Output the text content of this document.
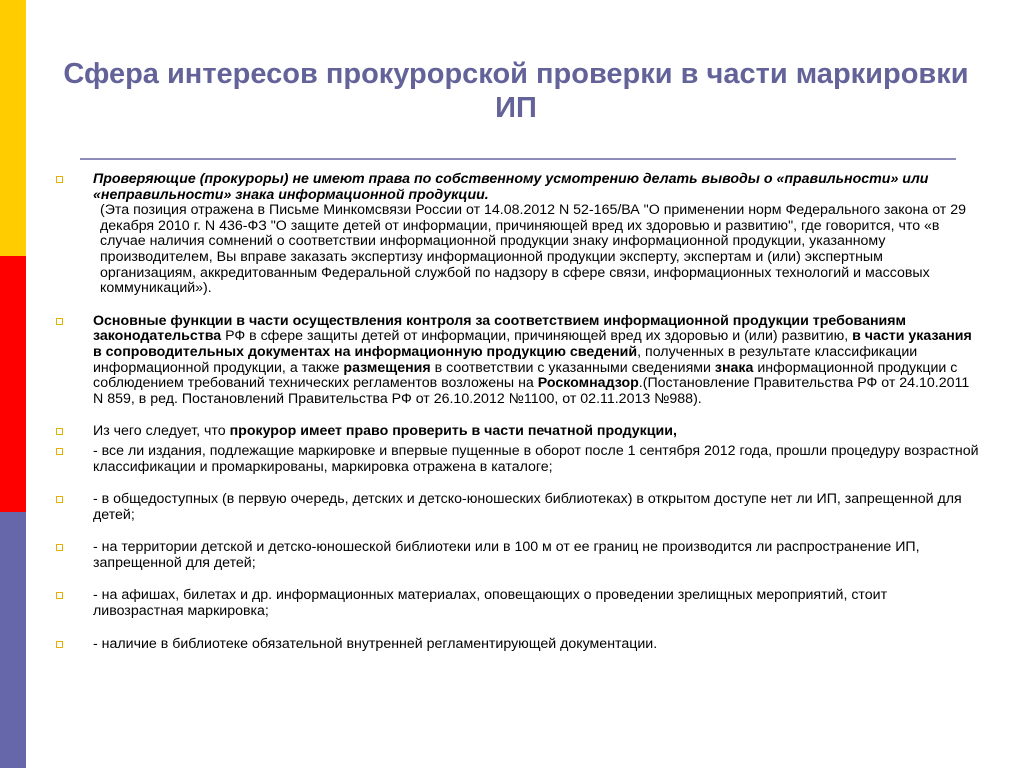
Сфера интересов прокурорской проверки в части маркировки ИП
Проверяющие (прокуроры) не имеют права по собственному усмотрению делать выводы о «правильности» или «неправильности» знака информационной продукции.
(Эта позиция отражена в Письме Минкомсвязи России от 14.08.2012 N 52-165/ВА "О применении норм Федерального закона от 29 декабря 2010 г. N 436-ФЗ "О защите детей от информации, причиняющей вред их здоровью и развитию", где говорится, что «в случае наличия сомнений о соответствии информационной продукции знаку информационной продукции, указанному производителем, Вы вправе заказать экспертизу информационной продукции эксперту, экспертам и (или) экспертным организациям, аккредитованным Федеральной службой по надзору в сфере связи, информационных технологий и массовых коммуникаций»).
Основные функции в части осуществления контроля за соответствием информационной продукции требованиям законодательства РФ в сфере защиты детей от информации, причиняющей вред их здоровью и (или) развитию, в части указания в сопроводительных документах на информационную продукцию сведений, полученных в результате классификации информационной продукции, а также размещения в соответствии с указанными сведениями знака информационной продукции с соблюдением требований технических регламентов возложены на Роскомнадзор.(Постановление Правительства РФ от 24.10.2011 N 859, в ред. Постановлений Правительства РФ от 26.10.2012 №1100, от 02.11.2013 №988).
Из чего следует, что прокурор имеет право проверить в части печатной продукции,
- все ли издания, подлежащие маркировке и впервые пущенные в оборот после 1 сентября 2012 года, прошли процедуру возрастной классификации и промаркированы, маркировка отражена в каталоге;
- в общедоступных (в первую очередь, детских и детско-юношеских библиотеках) в открытом доступе нет ли ИП, запрещенной для детей;
- на территории детской и детско-юношеской библиотеки или в 100 м от ее границ не производится ли распространение ИП, запрещенной для детей;
- на афишах, билетах и др. информационных материалах, оповещающих о проведении зрелищных мероприятий, стоит ливозрастная маркировка;
- наличие в библиотеке обязательной внутренней регламентирующей документации.
